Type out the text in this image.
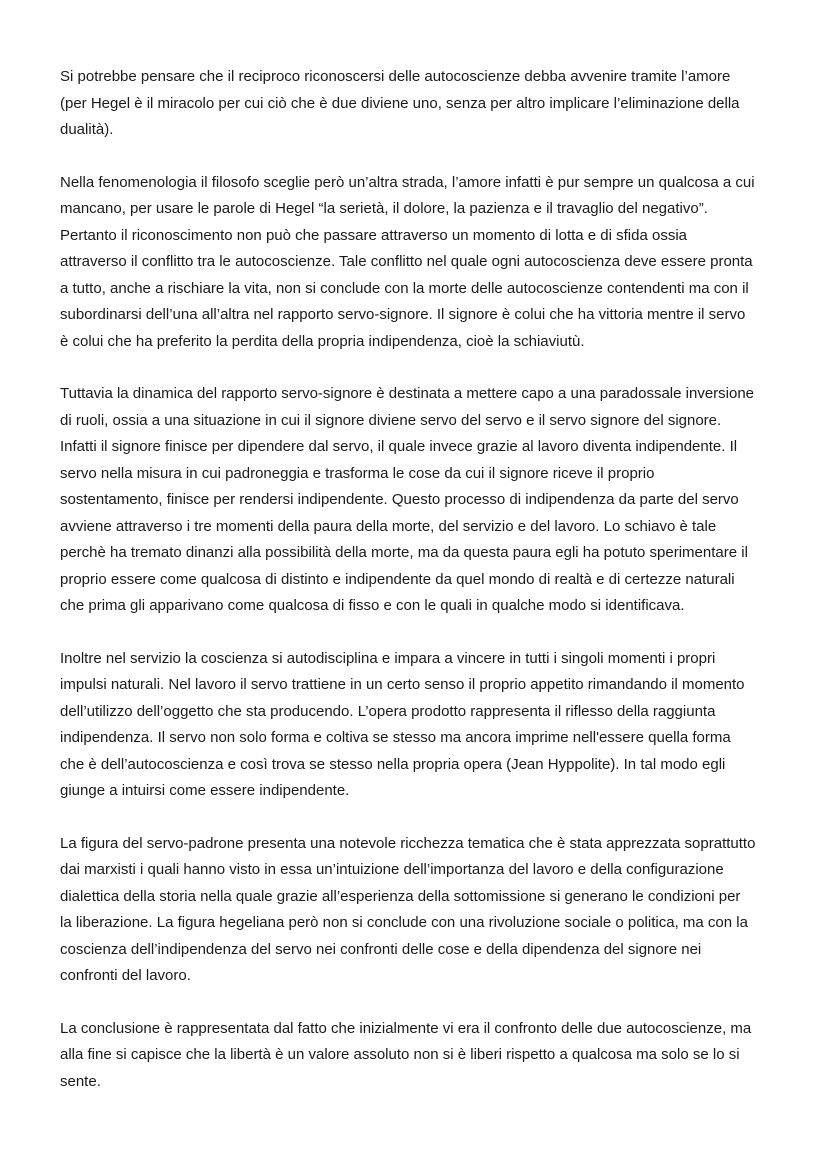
Si potrebbe pensare che il reciproco riconoscersi delle autocoscienze debba avvenire tramite l’amore
(per Hegel è il miracolo per cui ciò che è due diviene uno, senza per altro implicare l’eliminazione della
dualità).

Nella fenomenologia il filosofo sceglie però un’altra strada, l’amore infatti è pur sempre un qualcosa a cui
mancano, per usare le parole di Hegel “la serietà, il dolore, la pazienza e il travaglio del negativo”.
Pertanto il riconoscimento non può che passare attraverso un momento di lotta e di sfida ossia
attraverso il conflitto tra le autocoscienze. Tale conflitto nel quale ogni autocoscienza deve essere pronta
a tutto, anche a rischiare la vita, non si conclude con la morte delle autocoscienze contendenti ma con il
subordinarsi dell’una all’altra nel rapporto servo-signore. Il signore è colui che ha vittoria mentre il servo
è colui che ha preferito la perdita della propria indipendenza, cioè la schiaviutù.

Tuttavia la dinamica del rapporto servo-signore è destinata a mettere capo a una paradossale inversione
di ruoli, ossia a una situazione in cui il signore diviene servo del servo e il servo signore del signore.
Infatti il signore finisce per dipendere dal servo, il quale invece grazie al lavoro diventa indipendente. Il
servo nella misura in cui padroneggia e trasforma le cose da cui il signore riceve il proprio
sostentamento, finisce per rendersi indipendente. Questo processo di indipendenza da parte del servo
avviene attraverso i tre momenti della paura della morte, del servizio e del lavoro. Lo schiavo è tale
perchè ha tremato dinanzi alla possibilità della morte, ma da questa paura egli ha potuto sperimentare il
proprio essere come qualcosa di distinto e indipendente da quel mondo di realtà e di certezze naturali
che prima gli apparivano come qualcosa di fisso e con le quali in qualche modo si identificava.

Inoltre nel servizio la coscienza si autodisciplina e impara a vincere in tutti i singoli momenti i propri
impulsi naturali. Nel lavoro il servo trattiene in un certo senso il proprio appetito rimandando il momento
dell’utilizzo dell’oggetto che sta producendo. L’opera prodotto rappresenta il riflesso della raggiunta
indipendenza. Il servo non solo forma e coltiva se stesso ma ancora imprime nell'essere quella forma
che è dell’autocoscienza e così trova se stesso nella propria opera (Jean Hyppolite). In tal modo egli
giunge a intuirsi come essere indipendente.

La figura del servo-padrone presenta una notevole ricchezza tematica che è stata apprezzata soprattutto
dai marxisti i quali hanno visto in essa un’intuizione dell’importanza del lavoro e della configurazione
dialettica della storia nella quale grazie all’esperienza della sottomissione si generano le condizioni per
la liberazione. La figura hegeliana però non si conclude con una rivoluzione sociale o politica, ma con la
coscienza dell’indipendenza del servo nei confronti delle cose e della dipendenza del signore nei
confronti del lavoro.

La conclusione è rappresentata dal fatto che inizialmente vi era il confronto delle due autocoscienze, ma
alla fine si capisce che la libertà è un valore assoluto non si è liberi rispetto a qualcosa ma solo se lo si
sente.
